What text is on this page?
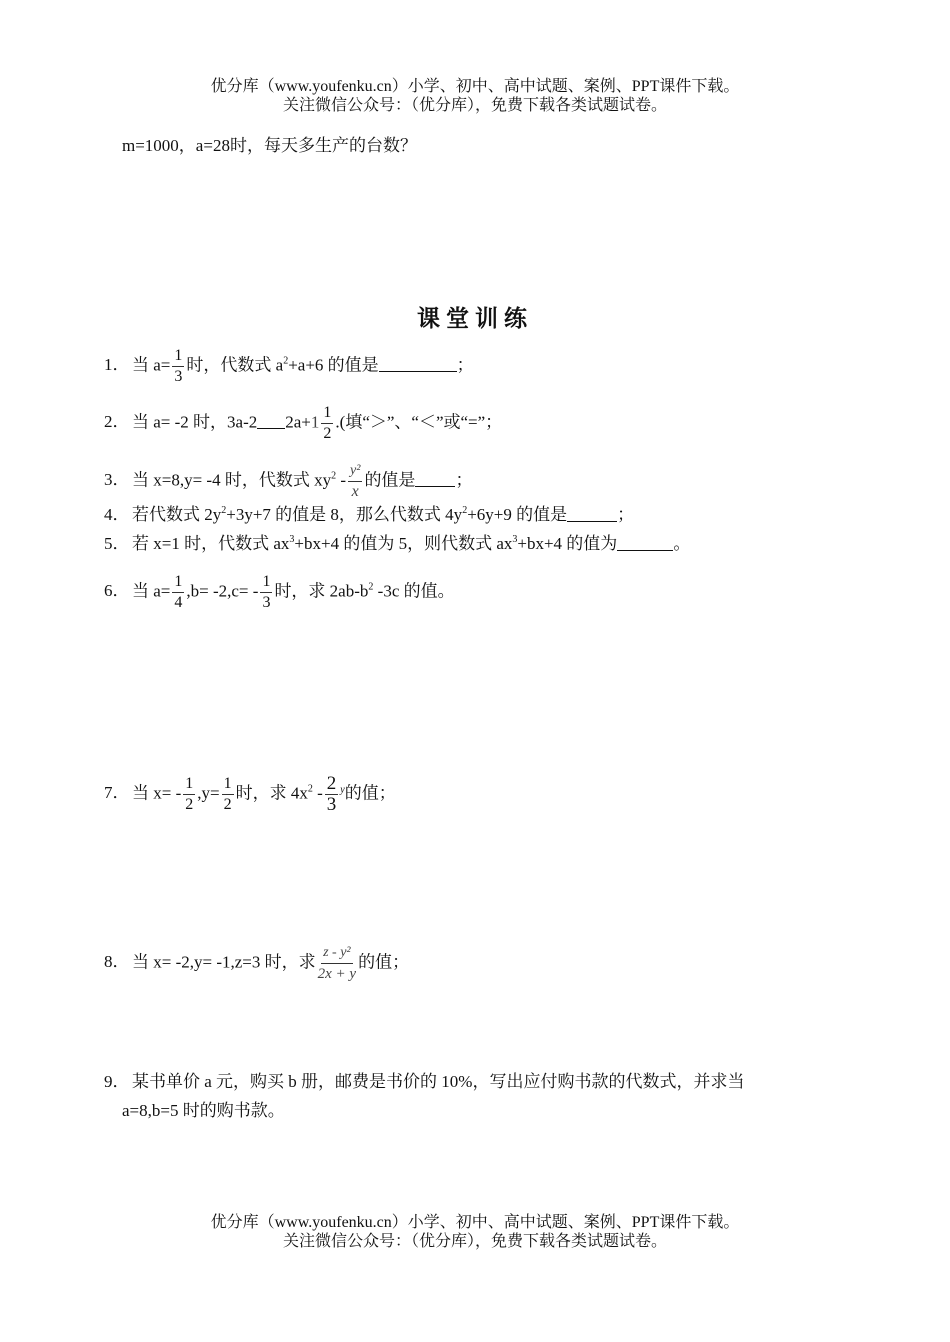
优分库（www.youfenku.cn）小学、初中、高中试题、案例、PPT课件下载。
关注微信公众号：（优分库），免费下载各类试题试卷。
m=1000，a=28时，每天多生产的台数？
课堂训练
1． 当 $a= \frac{1}{3}$ 时，代数式 $a^2+a+6$ 的值是	；
2． 当 a= -2 时，3a-2 $2a+1 \frac{1}{2}$ .(填“＞”、“＜”或“=”；
3． 当 x=8,y= -4 时，代数式 $xy^2 - \frac{\text{y²}}{x}$ 的值是 ；
4． 若代数式 $2y^2+3y+7$ 的值是 8，那么代数式 $4y^2+6y+9$ 的值是	；
5． 若 x=1 时，代数式 $ax^3+bx+4$ 的值为 5，则代数式 $ax^3+bx+4$ 的值为	。
6． 当 $a= \frac{1}{4} ,b= -2,c= - \frac{1}{3}$ 时，求 $2ab-b^2$ -3c 的值。
7． 当 $x= - \frac{1}{2} ,y= \frac{1}{2}$ 时，求 $4x^2 - \frac{2}{3} ^y$的值；
8． 当 x= -2,y= -1,z=3 时，求 $\frac{\text{z - y²}}{2x + y}$ 的值；
9． 某书单价 a 元，购买 b 册，邮费是书价的 10%，写出应付购书款的代数式，并求当
a=8,b=5 时的购书款。
优分库（www.youfenku.cn）小学、初中、高中试题、案例、PPT课件下载。
关注微信公众号：（优分库），免费下载各类试题试卷。
